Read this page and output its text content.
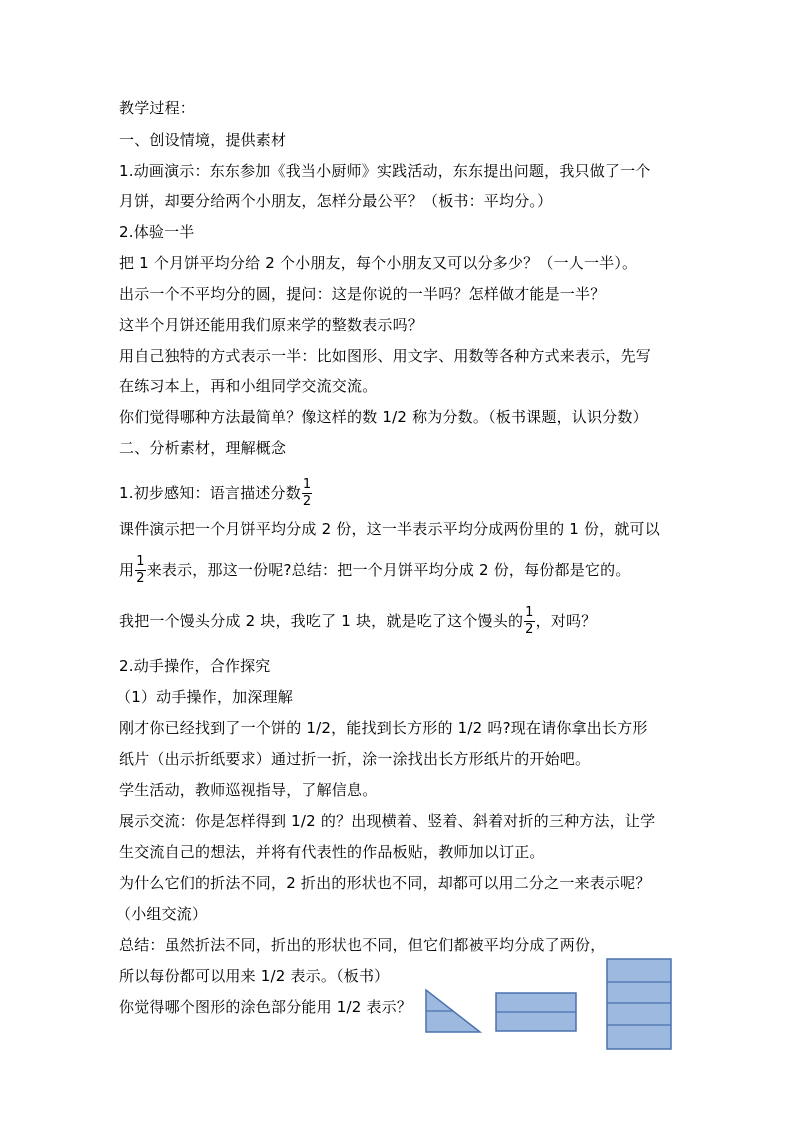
教学过程：
一、创设情境，提供素材
1.动画演示：东东参加《我当小厨师》实践活动，东东提出问题，我只做了一个
月饼，却要分给两个小朋友，怎样分最公平？（板书：平均分。）
2.体验一半
把 1 个月饼平均分给 2 个小朋友，每个小朋友又可以分多少？（一人一半）。
出示一个不平均分的圆，提问：这是你说的一半吗？怎样做才能是一半？
这半个月饼还能用我们原来学的整数表示吗？
用自己独特的方式表示一半：比如图形、用文字、用数等各种方式来表示，先写
在练习本上，再和小组同学交流交流。
你们觉得哪种方法最简单？像这样的数 1/2 称为分数。（板书课题，认识分数）
二、分析素材，理解概念
1.初步感知：语言描述分数 $\frac{1}{2}$
课件演示把一个月饼平均分成 2 份，这一半表示平均分成两份里的 1 份，就可以
用 $\frac{1}{2}$ 来表示，那这一份呢?总结：把一个月饼平均分成 2 份，每份都是它的。
我把一个馒头分成 2 块，我吃了 1 块，就是吃了这个馒头的 $\frac{1}{2}$ ，对吗？
2.动手操作，合作探究
（1）动手操作，加深理解
刚才你已经找到了一个饼的 1/2，能找到长方形的 1/2 吗?现在请你拿出长方形
纸片（出示折纸要求）通过折一折，涂一涂找出长方形纸片的开始吧。
学生活动，教师巡视指导，了解信息。
展示交流：你是怎样得到 1/2 的？出现横着、竖着、斜着对折的三种方法，让学
生交流自己的想法，并将有代表性的作品板贴，教师加以订正。
为什么它们的折法不同，2 折出的形状也不同，却都可以用二分之一来表示呢？
（小组交流）
总结：虽然折法不同，折出的形状也不同，但它们都被平均分成了两份，
所以每份都可以用来 1/2 表示。（板书）
你觉得哪个图形的涂色部分能用 1/2 表示？
